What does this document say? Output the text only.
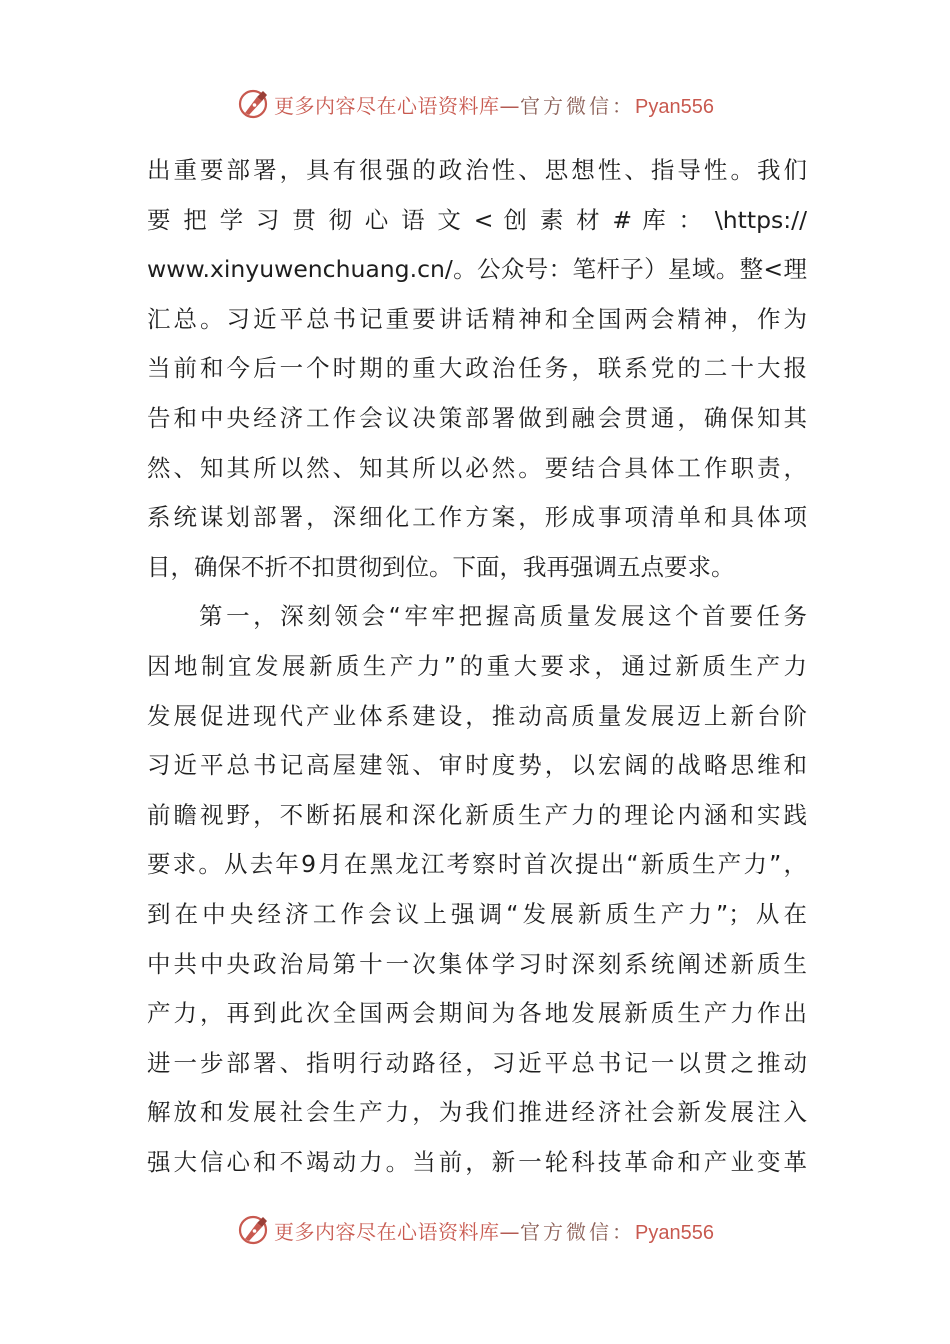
更多内容尽在心语资料库—官方微信：Pyan556
出重要部署，具有很强的政治性、思想性、指导性。我们
要 把 学 习 贯 彻 心 语 文 < 创 素 材 # 库 ： \https://
www.xinyuwenchuang.cn/。公众号：笔杆子）星域。整<理
汇总。习近平总书记重要讲话精神和全国两会精神，作为
当前和今后一个时期的重大政治任务，联系党的二十大报
告和中央经济工作会议决策部署做到融会贯通，确保知其
然、知其所以然、知其所以必然。要结合具体工作职责，
系统谋划部署，深细化工作方案，形成事项清单和具体项
目，确保不折不扣贯彻到位。下面，我再强调五点要求。
第一，深刻领会“牢牢把握高质量发展这个首要任务
因地制宜发展新质生产力”的重大要求，通过新质生产力
发展促进现代产业体系建设，推动高质量发展迈上新台阶
习近平总书记高屋建瓴、审时度势，以宏阔的战略思维和
前瞻视野，不断拓展和深化新质生产力的理论内涵和实践
要求。从去年9月在黑龙江考察时首次提出“新质生产力”，
到在中央经济工作会议上强调“发展新质生产力”；从在
中共中央政治局第十一次集体学习时深刻系统阐述新质生
产力，再到此次全国两会期间为各地发展新质生产力作出
进一步部署、指明行动路径，习近平总书记一以贯之推动
解放和发展社会生产力，为我们推进经济社会新发展注入
强大信心和不竭动力。当前，新一轮科技革命和产业变革
更多内容尽在心语资料库—官方微信：Pyan556
